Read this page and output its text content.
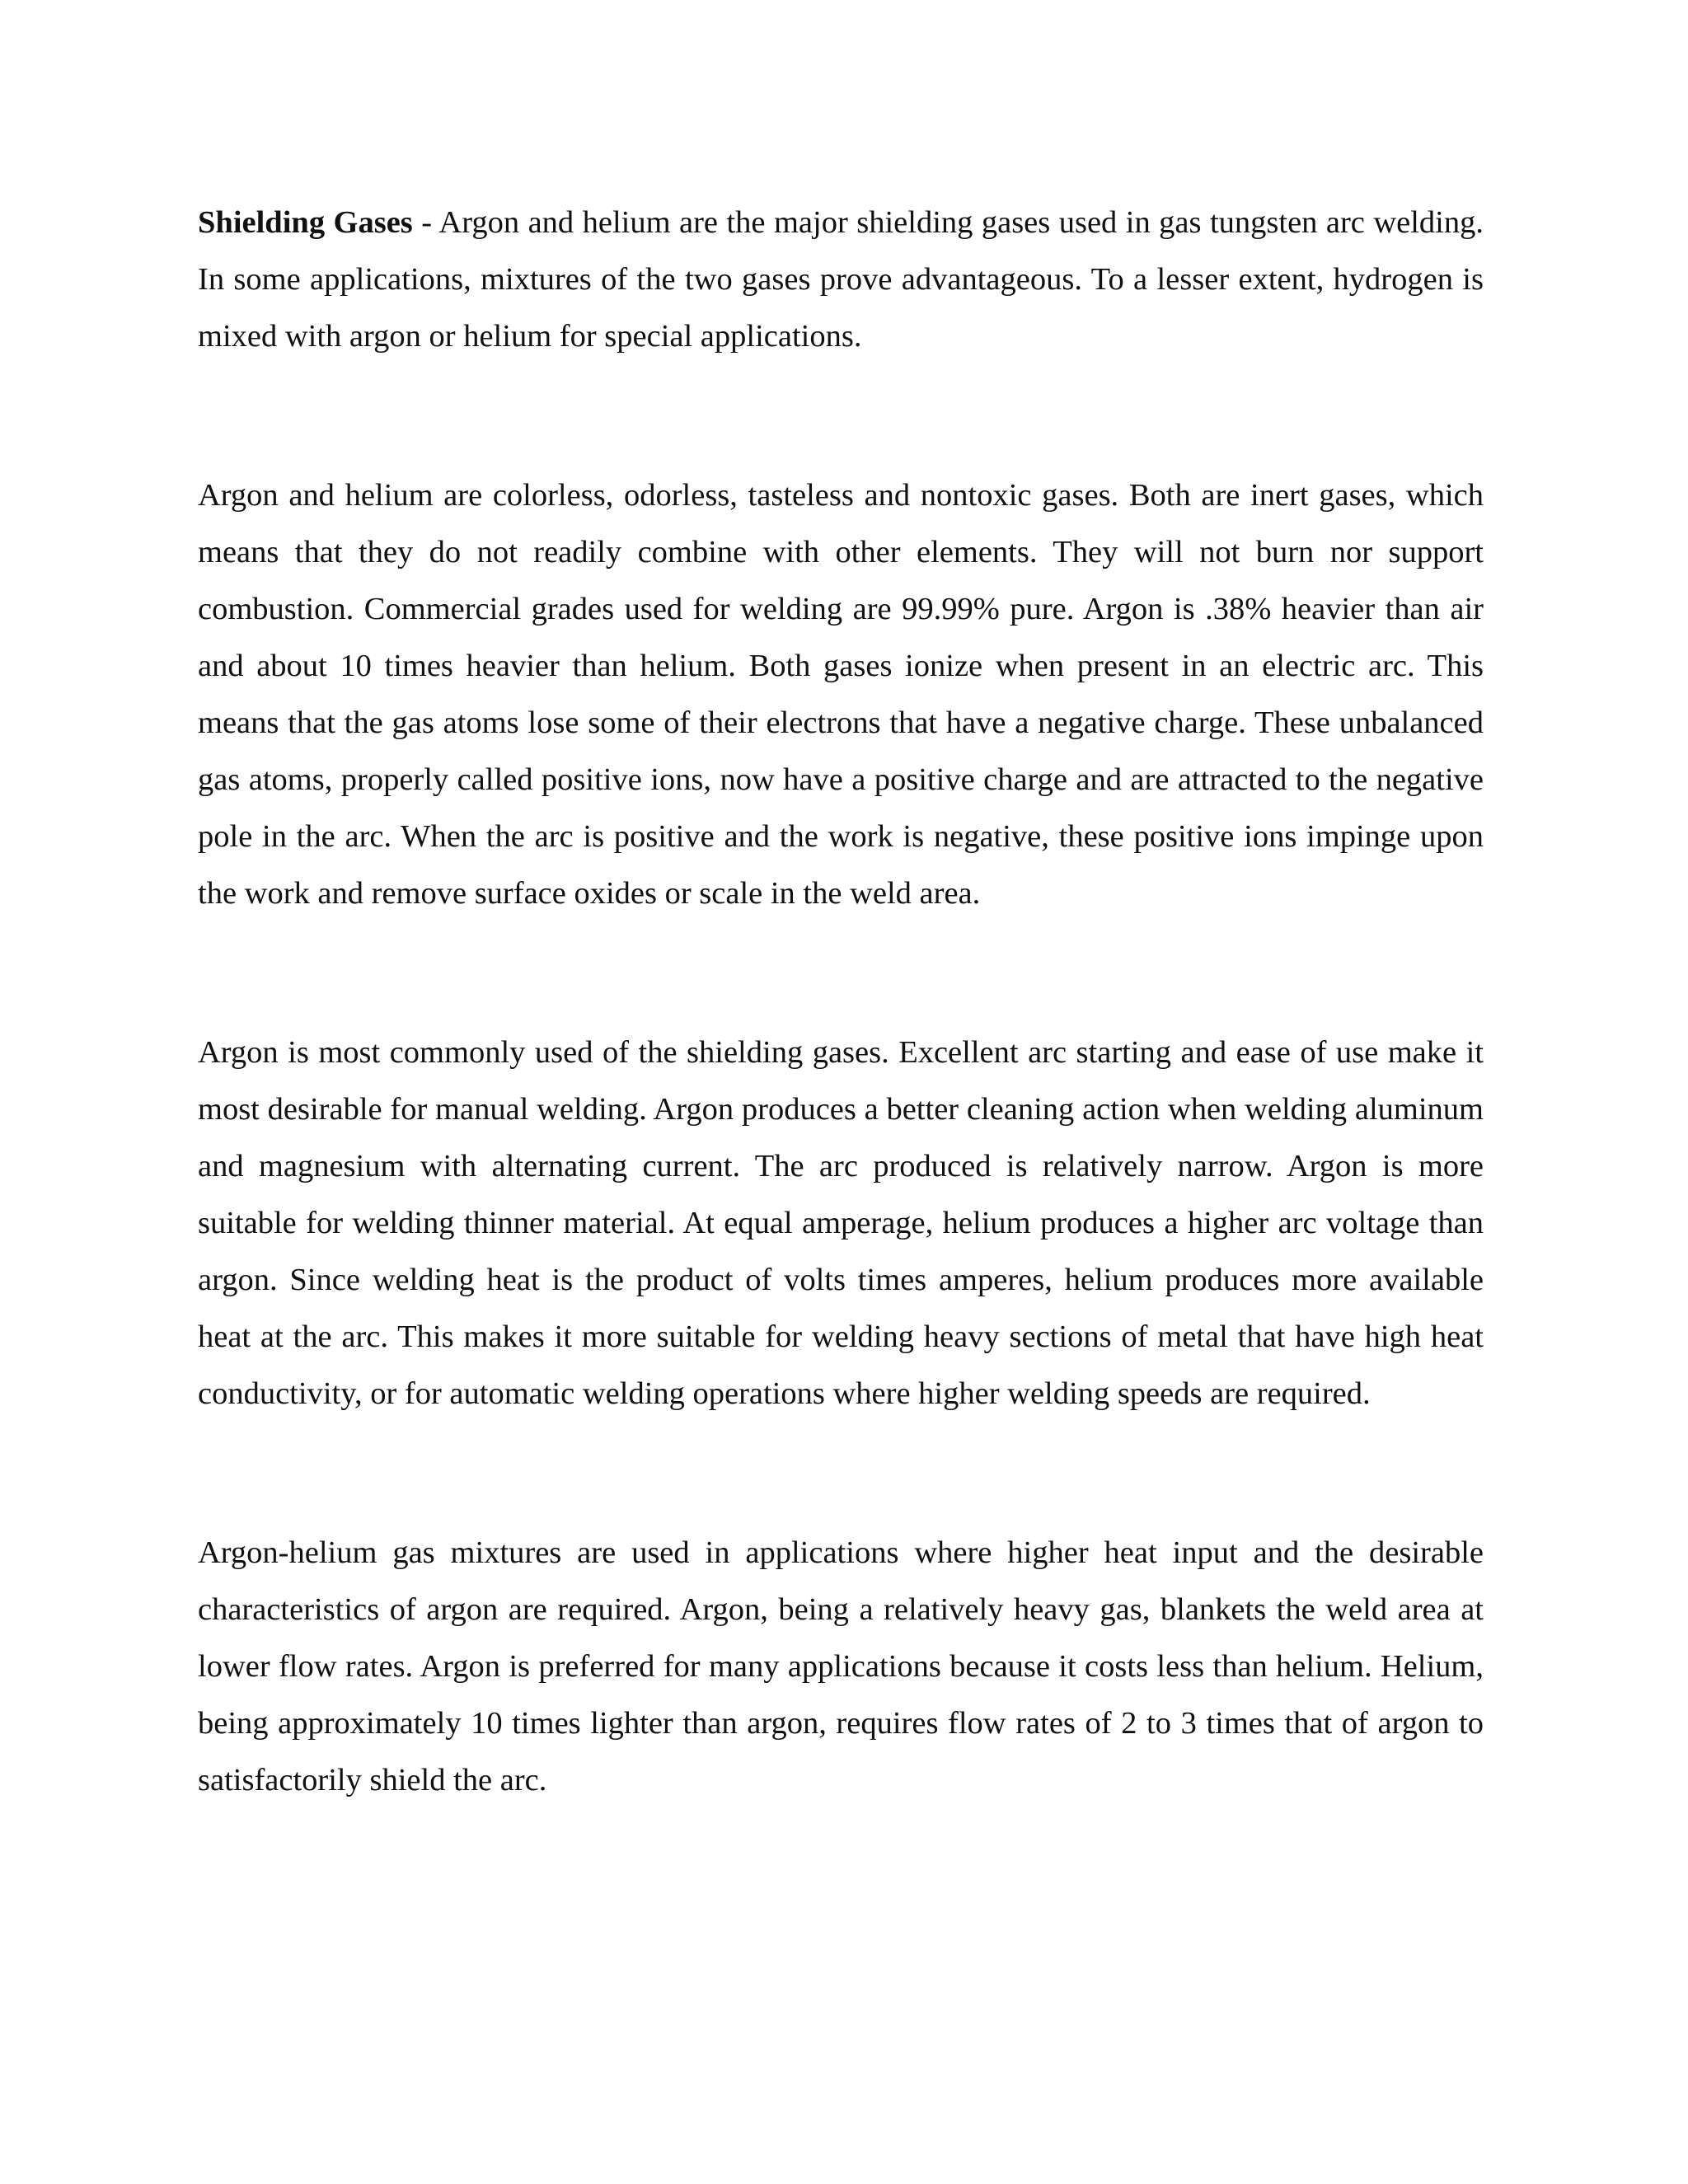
Shielding Gases - Argon and helium are the major shielding gases used in gas tungsten arc welding. In some applications, mixtures of the two gases prove advantageous. To a lesser extent, hydrogen is mixed with argon or helium for special applications.

Argon and helium are colorless, odorless, tasteless and nontoxic gases. Both are inert gases, which means that they do not readily combine with other elements. They will not burn nor support combustion. Commercial grades used for welding are 99.99% pure. Argon is .38% heavier than air and about 10 times heavier than helium. Both gases ionize when present in an electric arc. This means that the gas atoms lose some of their electrons that have a negative charge. These unbalanced gas atoms, properly called positive ions, now have a positive charge and are attracted to the negative pole in the arc. When the arc is positive and the work is negative, these positive ions impinge upon the work and remove surface oxides or scale in the weld area.

Argon is most commonly used of the shielding gases. Excellent arc starting and ease of use make it most desirable for manual welding. Argon produces a better cleaning action when welding aluminum and magnesium with alternating current. The arc produced is relatively narrow. Argon is more suitable for welding thinner material. At equal amperage, helium produces a higher arc voltage than argon. Since welding heat is the product of volts times amperes, helium produces more available heat at the arc. This makes it more suitable for welding heavy sections of metal that have high heat conductivity, or for automatic welding operations where higher welding speeds are required.

Argon-helium gas mixtures are used in applications where higher heat input and the desirable characteristics of argon are required. Argon, being a relatively heavy gas, blankets the weld area at lower flow rates. Argon is preferred for many applications because it costs less than helium. Helium, being approximately 10 times lighter than argon, requires flow rates of 2 to 3 times that of argon to satisfactorily shield the arc.
